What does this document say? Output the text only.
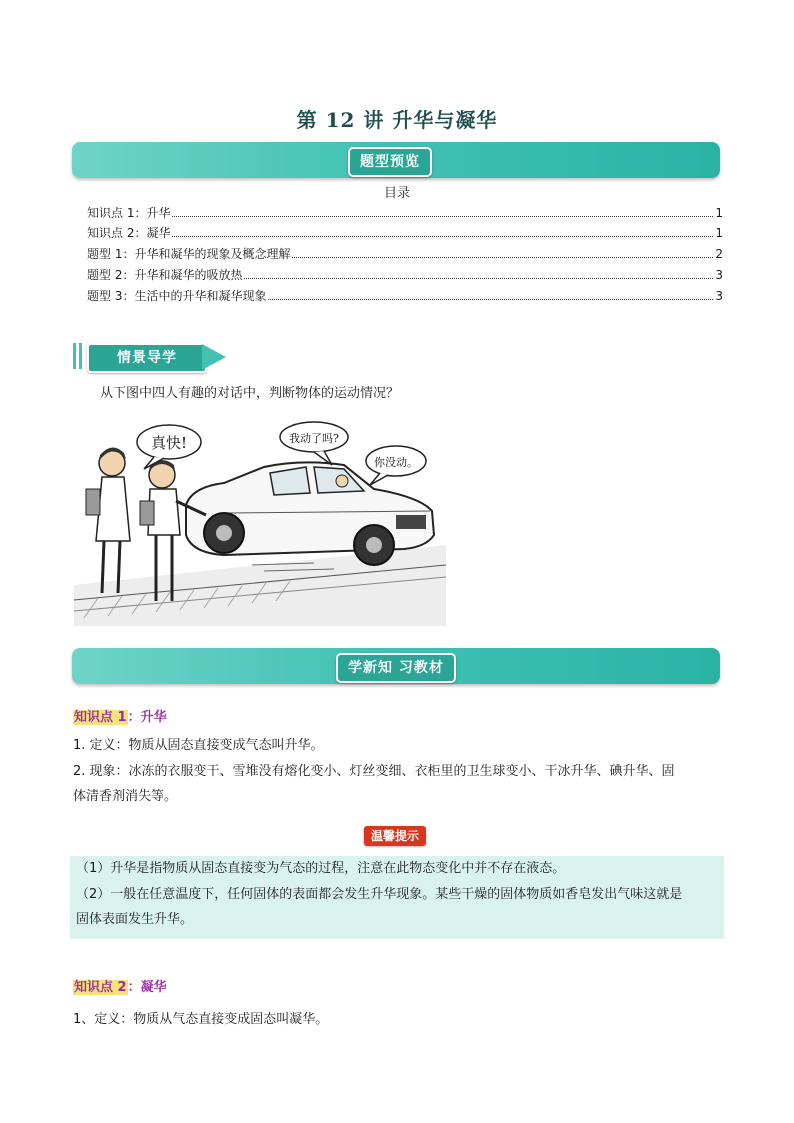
第 12 讲 升华与凝华
题型预览
目录
知识点 1：升华	1
知识点 2：凝华	1
题型 1：升华和凝华的现象及概念理解	2
题型 2：升华和凝华的吸放热	3
题型 3：生活中的升华和凝华现象	3
情景导学
从下图中四人有趣的对话中，判断物体的运动情况？
真快!	我动了吗?
你没动。
学新知 习教材
知识点 1：升华
1. 定义：物质从固态直接变成气态叫升华。
2. 现象：冰冻的衣服变干、雪堆没有熔化变小、灯丝变细、衣柜里的卫生球变小、干冰升华、碘升华、固
体清香剂消失等。
温馨提示
（1）升华是指物质从固态直接变为气态的过程，注意在此物态变化中并不存在液态。
（2）一般在任意温度下，任何固体的表面都会发生升华现象。某些干燥的固体物质如香皂发出气味这就是
固体表面发生升华。
知识点 2：凝华
1、定义：物质从气态直接变成固态叫凝华。
